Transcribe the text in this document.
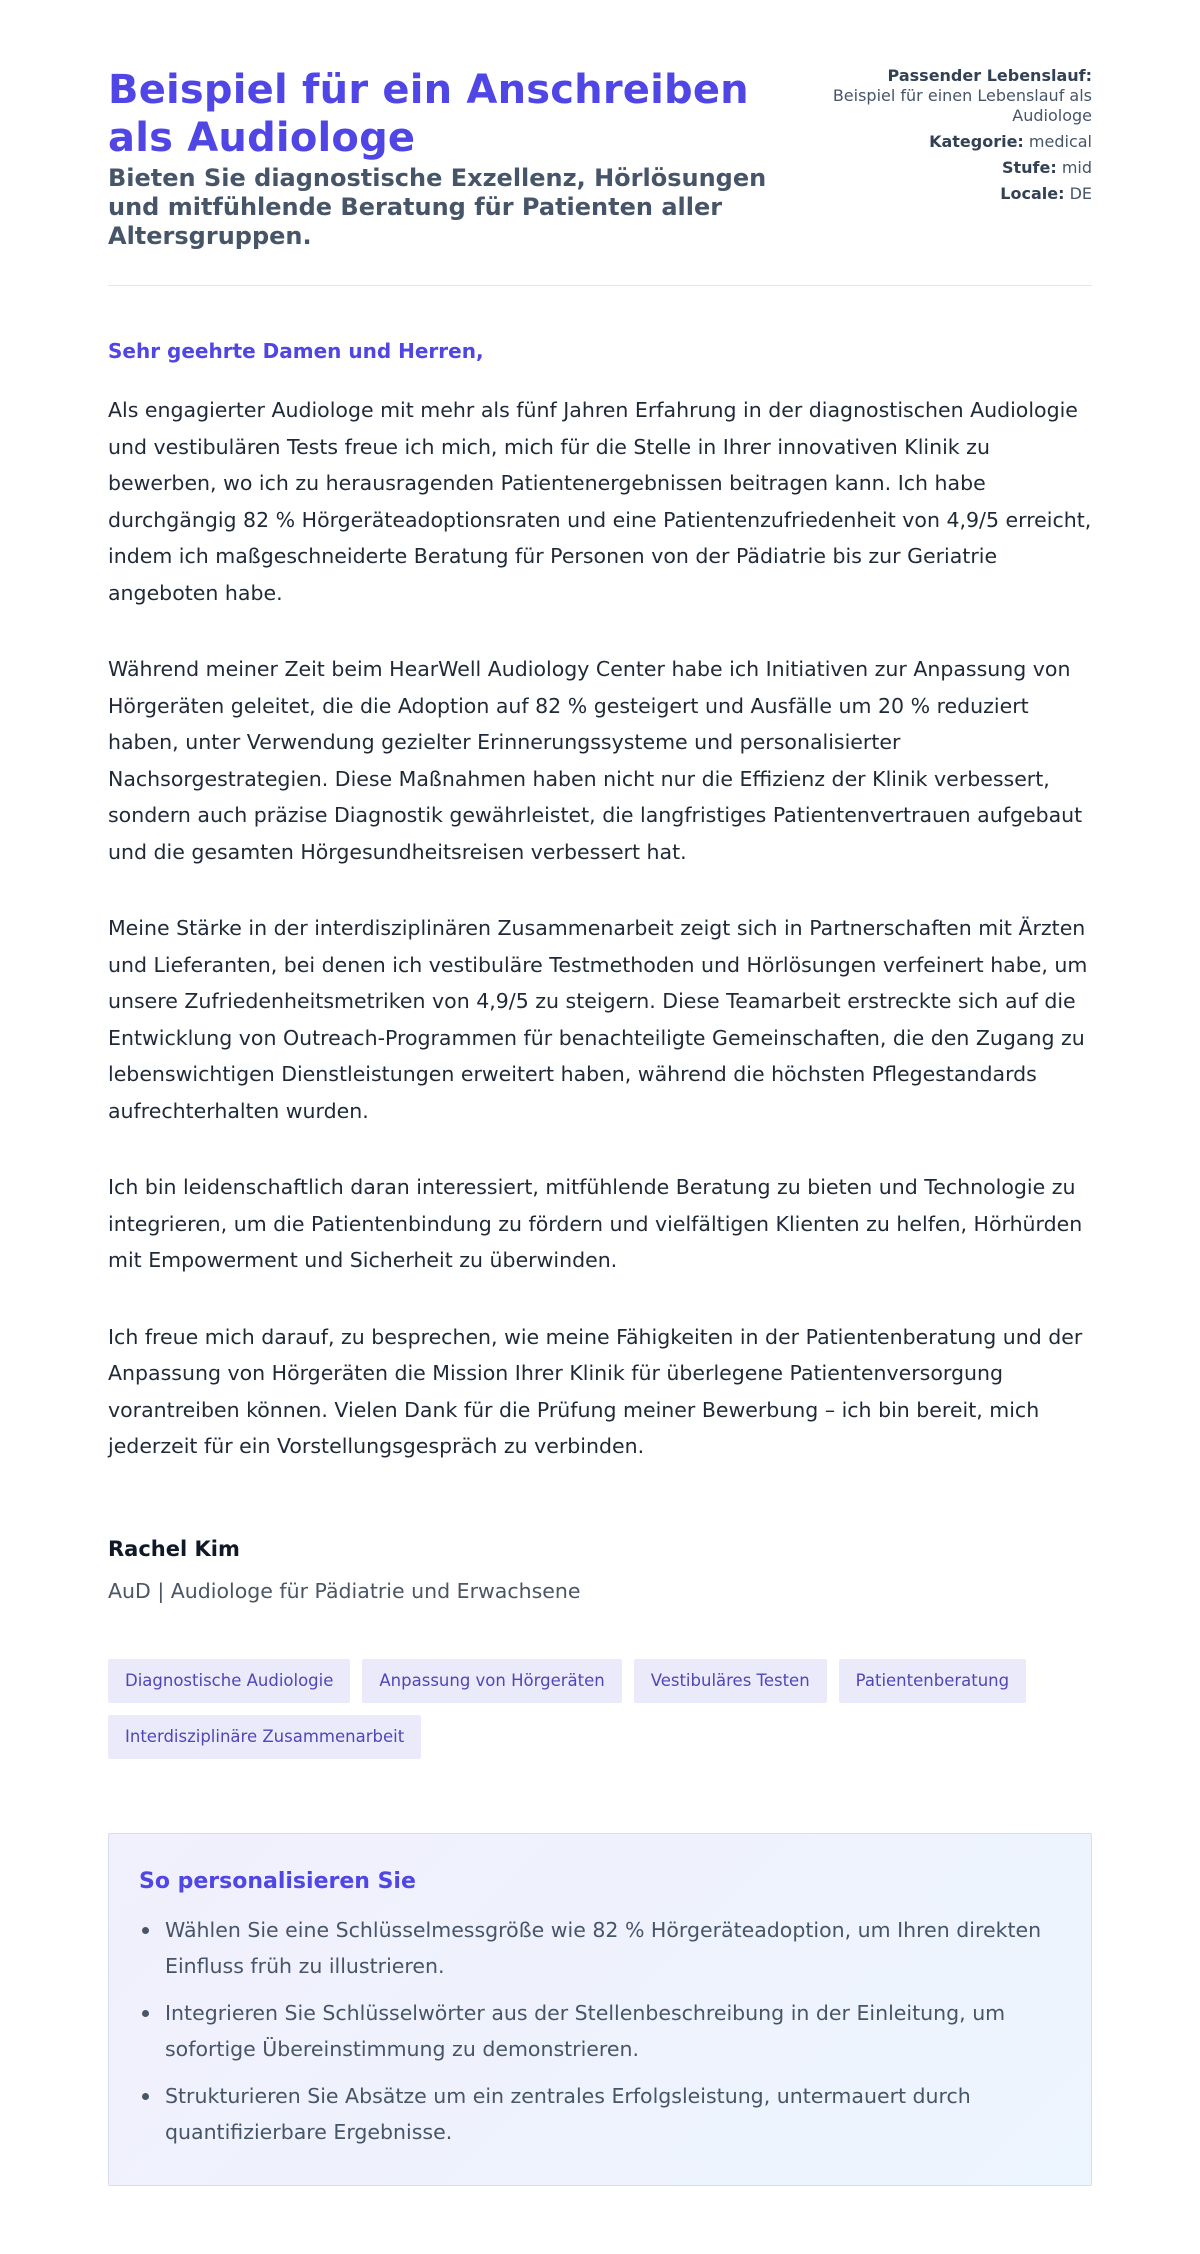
Beispiel für ein Anschreiben als Audiologe
Bieten Sie diagnostische Exzellenz, Hörlösungen und mitfühlende Beratung für Patienten aller Altersgruppen.
Passender Lebenslauf:
Beispiel für einen Lebenslauf als Audiologe
Kategorie: medical
Stufe: mid
Locale: DE

Sehr geehrte Damen und Herren,

Als engagierter Audiologe mit mehr als fünf Jahren Erfahrung in der diagnostischen Audiologie und vestibulären Tests freue ich mich, mich für die Stelle in Ihrer innovativen Klinik zu bewerben, wo ich zu herausragenden Patientenergebnissen beitragen kann. Ich habe durchgängig 82 % Hörgeräteadoptionsraten und eine Patientenzufriedenheit von 4,9/5 erreicht, indem ich maßgeschneiderte Beratung für Personen von der Pädiatrie bis zur Geriatrie angeboten habe.

Während meiner Zeit beim HearWell Audiology Center habe ich Initiativen zur Anpassung von Hörgeräten geleitet, die die Adoption auf 82 % gesteigert und Ausfälle um 20 % reduziert haben, unter Verwendung gezielter Erinnerungssysteme und personalisierter Nachsorgestrategien. Diese Maßnahmen haben nicht nur die Effizienz der Klinik verbessert, sondern auch präzise Diagnostik gewährleistet, die langfristiges Patientenvertrauen aufgebaut und die gesamten Hörgesundheitsreisen verbessert hat.

Meine Stärke in der interdisziplinären Zusammenarbeit zeigt sich in Partnerschaften mit Ärzten und Lieferanten, bei denen ich vestibuläre Testmethoden und Hörlösungen verfeinert habe, um unsere Zufriedenheitsmetriken von 4,9/5 zu steigern. Diese Teamarbeit erstreckte sich auf die Entwicklung von Outreach-Programmen für benachteiligte Gemeinschaften, die den Zugang zu lebenswichtigen Dienstleistungen erweitert haben, während die höchsten Pflegestandards aufrechterhalten wurden.

Ich bin leidenschaftlich daran interessiert, mitfühlende Beratung zu bieten und Technologie zu integrieren, um die Patientenbindung zu fördern und vielfältigen Klienten zu helfen, Hörhürden mit Empowerment und Sicherheit zu überwinden.

Ich freue mich darauf, zu besprechen, wie meine Fähigkeiten in der Patientenberatung und der Anpassung von Hörgeräten die Mission Ihrer Klinik für überlegene Patientenversorgung vorantreiben können. Vielen Dank für die Prüfung meiner Bewerbung – ich bin bereit, mich jederzeit für ein Vorstellungsgespräch zu verbinden.

Rachel Kim
AuD | Audiologe für Pädiatrie und Erwachsene
Diagnostische Audiologie	Anpassung von Hörgeräten	Vestibuläres Testen	Patientenberatung
Interdisziplinäre Zusammenarbeit
So personalisieren Sie
Wählen Sie eine Schlüsselmessgröße wie 82 % Hörgeräteadoption, um Ihren direkten Einfluss früh zu illustrieren.
Integrieren Sie Schlüsselwörter aus der Stellenbeschreibung in der Einleitung, um sofortige Übereinstimmung zu demonstrieren.
Strukturieren Sie Absätze um ein zentrales Erfolgsleistung, untermauert durch quantifizierbare Ergebnisse.
